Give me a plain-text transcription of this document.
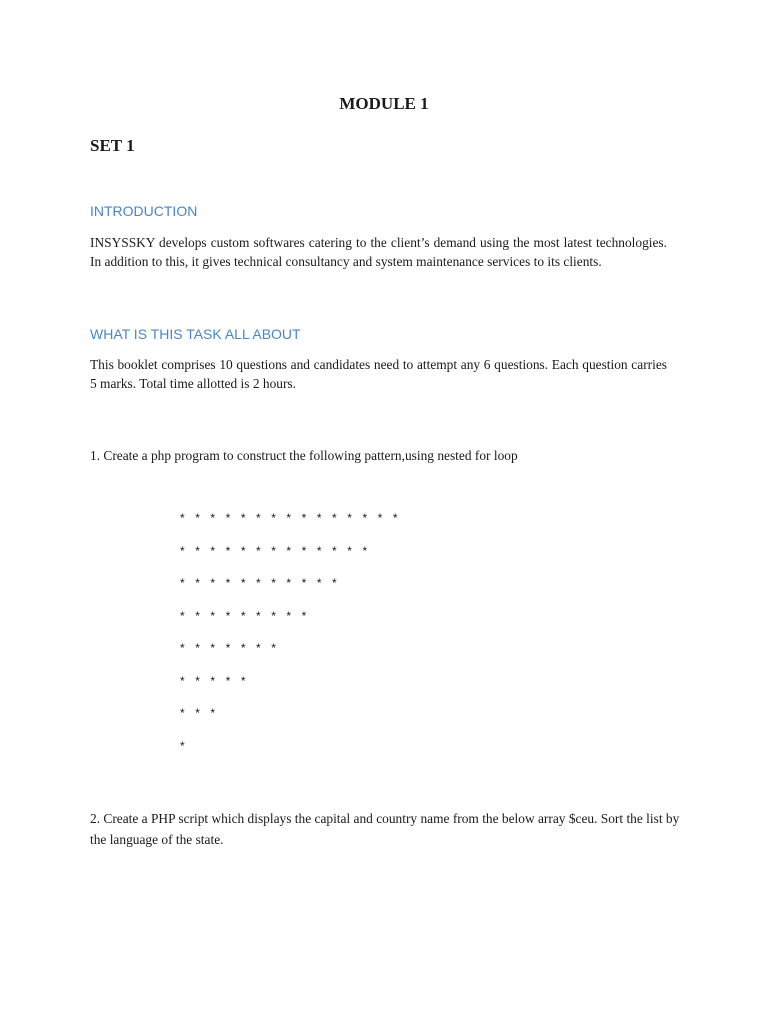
MODULE 1
SET 1
INTRODUCTION
INSYSSKY develops custom softwares catering to the client’s demand using the most latest technologies. In addition to this, it gives technical consultancy and system maintenance services to its clients.
WHAT IS THIS TASK ALL ABOUT
This booklet comprises 10 questions and candidates need to attempt any 6 questions. Each question carries 5 marks. Total time allotted is 2 hours.
1. Create a php program to construct the following pattern,using nested for loop
* * * * * * * * * * * * * * *
* * * * * * * * * * * * *
* * * * * * * * * * *
* * * * * * * * *
* * * * * * *
* * * * *
* * *
*
2. Create a PHP script which displays the capital and country name from the below array $ceu. Sort the list by the language of the state.
